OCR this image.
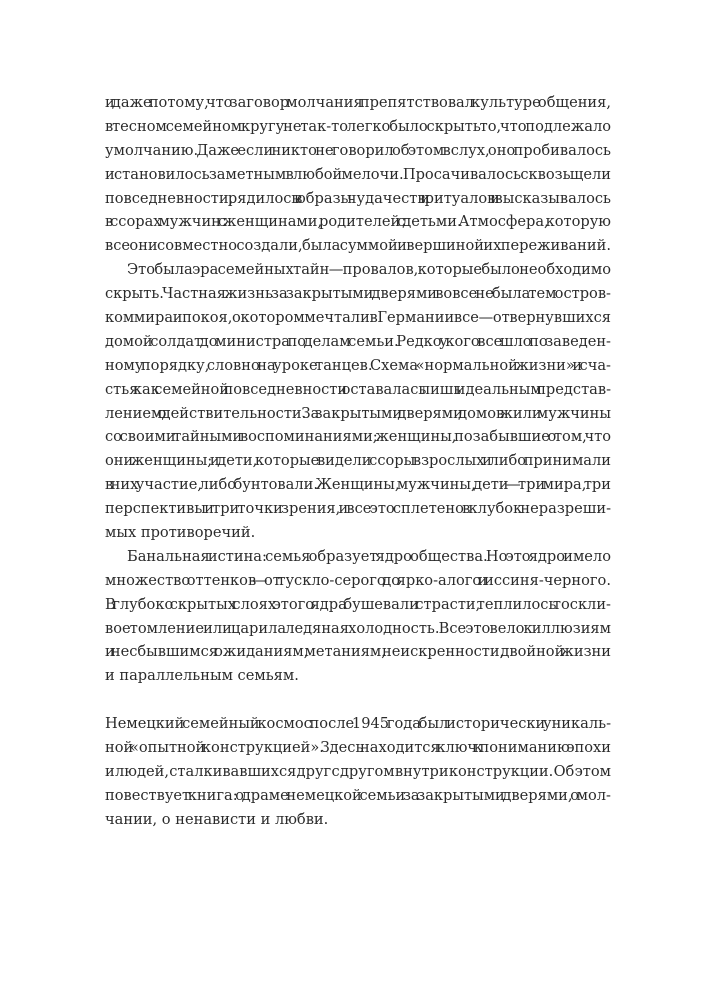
и даже потому, что заговор молчания препятствовал культуре общения,
в тесном семейном кругу не так-то легко было скрыть то, что подлежало
умолчанию. Даже если никто не говорил об этом вслух, оно пробивалось
и становилось заметным в любой мелочи. Просачивалось сквозь щели
повседневности, рядилось в образы чудачеств и ритуалов и высказывалось
в ссорах мужчин с женщинами, родителей с детьми. Атмосфера, которую
все они совместно создали, была суммой и вершиной их переживаний.
Это была эра семейных тайн — провалов, которые было необходимо
скрыть. Частная жизнь за закрытыми дверями вовсе не была тем остров-
ком мира и покоя, о котором мечтали в Германии все — от вернувшихся
домой солдат до министра по делам семьи. Редко у кого все шло по заведен-
ному порядку, словно на уроке танцев. Схема «нормальной жизни» и сча-
стья как семейной повседневности оставалась лишь идеальным представ-
лением о действительности. За закрытыми дверями домов жили мужчины
со своими тайными воспоминаниями; женщины, позабывшие о том, что
они женщины; и дети, которые видели ссоры взрослых и либо принимали
в них участие, либо бунтовали. Женщины, мужчины, дети — три мира, три
перспективы и три точки зрения, и все это сплетено в клубок неразреши-
мых противоречий.
Банальная истина: семья образует ядро общества. Но это ядро имело
множество оттенков — от тускло-серого до ярко-алого и иссиня-черного.
В глубоко скрытых слоях этого ядра бушевали страсти, теплилось тоскли-
вое томление или царила ледяная холодность. Все это вело к иллюзиям
и несбывшимся ожиданиям, метаниям, неискренности, двойной жизни
и параллельным семьям.
Немецкий семейный космос после 1945 года был исторически уникаль-
ной «опытной конструкцией». Здесь находится ключ к пониманию эпохи
и людей, сталкивавшихся друг с другом внутри конструкции. Об этом
повествует книга: о драме немецкой семьи за закрытыми дверями, о мол-
чании, о ненависти и любви.
